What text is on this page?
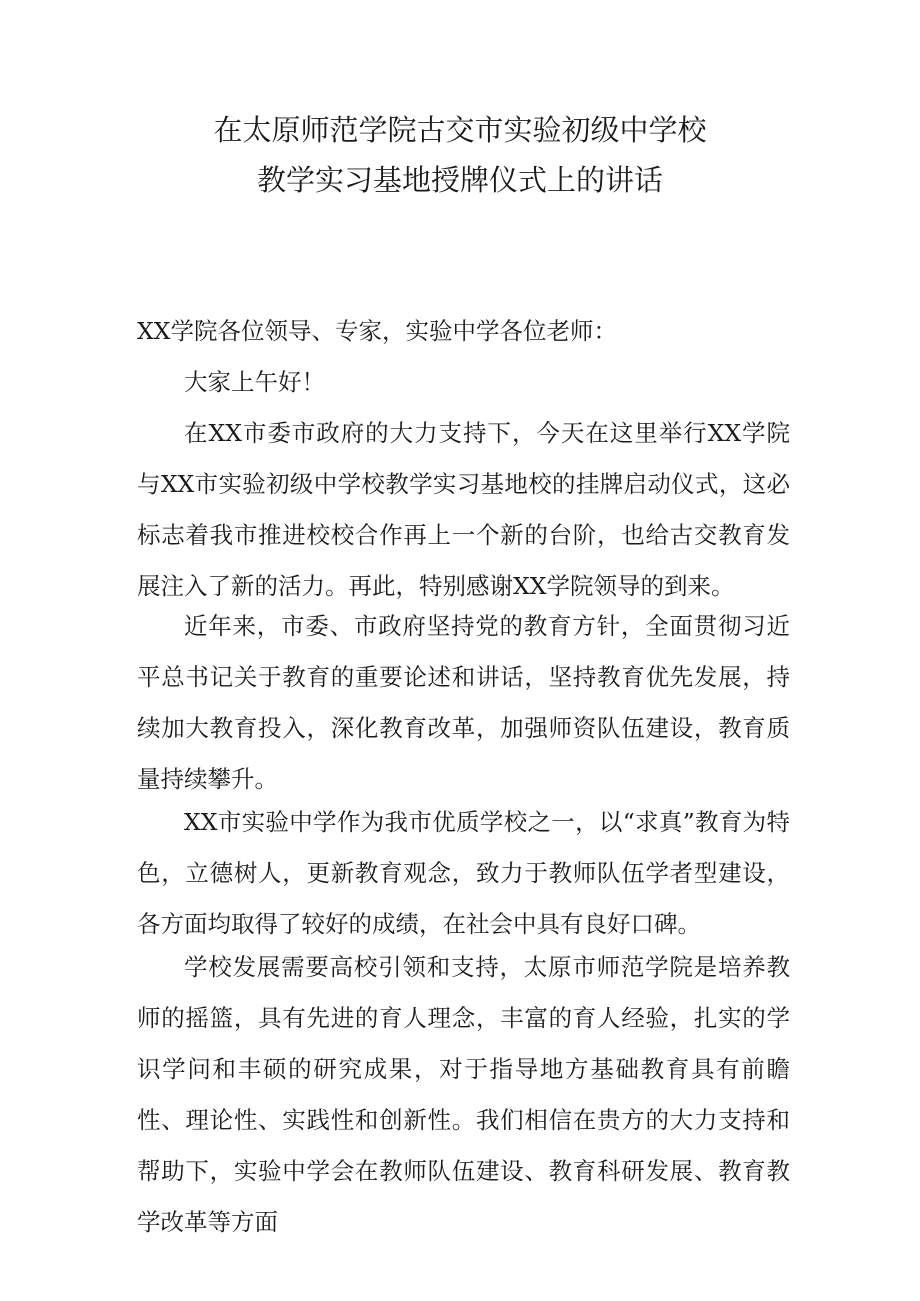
在太原师范学院古交市实验初级中学校
教学实习基地授牌仪式上的讲话
XX学院各位领导、专家，实验中学各位老师：
大家上午好！
在XX市委市政府的大力支持下，今天在这里举行XX学院与XX市实验初级中学校教学实习基地校的挂牌启动仪式，这必标志着我市推进校校合作再上一个新的台阶，也给古交教育发展注入了新的活力。再此，特别感谢XX学院领导的到来。
近年来，市委、市政府坚持党的教育方针，全面贯彻习近平总书记关于教育的重要论述和讲话，坚持教育优先发展，持续加大教育投入，深化教育改革，加强师资队伍建设，教育质量持续攀升。
XX市实验中学作为我市优质学校之一，以“求真”教育为特色，立德树人，更新教育观念，致力于教师队伍学者型建设，各方面均取得了较好的成绩，在社会中具有良好口碑。
学校发展需要高校引领和支持，太原市师范学院是培养教师的摇篮，具有先进的育人理念，丰富的育人经验，扎实的学识学问和丰硕的研究成果，对于指导地方基础教育具有前瞻性、理论性、实践性和创新性。我们相信在贵方的大力支持和帮助下，实验中学会在教师队伍建设、教育科研发展、教育教学改革等方面
